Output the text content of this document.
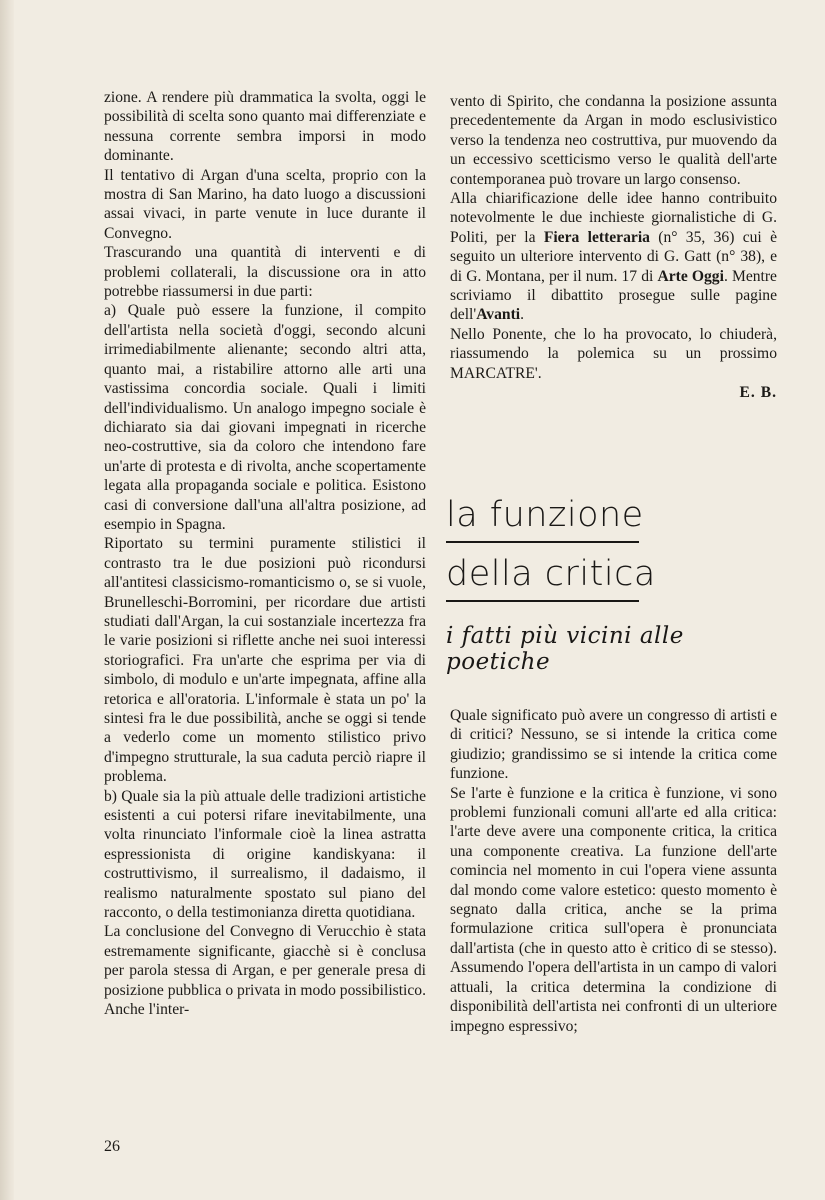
zione. A rendere più drammatica la svolta, oggi le possibilità di scelta sono quanto mai differenziate e nessuna corrente sembra imporsi in modo dominante.

Il tentativo di Argan d'una scelta, proprio con la mostra di San Marino, ha dato luogo a discussioni assai vivaci, in parte venute in luce durante il Convegno.

Trascurando una quantità di interventi e di problemi collaterali, la discussione ora in atto potrebbe riassumersi in due parti:

a) Quale può essere la funzione, il compito dell'artista nella società d'oggi, secondo alcuni irrimediabilmente alienante; secondo altri atta, quanto mai, a ristabilire attorno alle arti una vastissima concordia sociale. Quali i limiti dell'individualismo. Un analogo impegno sociale è dichiarato sia dai giovani impegnati in ricerche neo-costruttive, sia da coloro che intendono fare un'arte di protesta e di rivolta, anche scopertamente legata alla propaganda sociale e politica. Esistono casi di conversione dall'una all'altra posizione, ad esempio in Spagna.

Riportato su termini puramente stilistici il contrasto tra le due posizioni può ricondursi all'antitesi classicismo-romanticismo o, se si vuole, Brunelleschi-Borromini, per ricordare due artisti studiati dall'Argan, la cui sostanziale incertezza fra le varie posizioni si riflette anche nei suoi interessi storiografici. Fra un'arte che esprima per via di simbolo, di modulo e un'arte impegnata, affine alla retorica e all'oratoria. L'informale è stata un po' la sintesi fra le due possibilità, anche se oggi si tende a vederlo come un momento stilistico privo d'impegno strutturale, la sua caduta perciò riapre il problema.

b) Quale sia la più attuale delle tradizioni artistiche esistenti a cui potersi rifare inevitabilmente, una volta rinunciato l'informale cioè la linea astratta espressionista di origine kandiskyana: il costruttivismo, il surrealismo, il dadaismo, il realismo naturalmente spostato sul piano del racconto, o della testimonianza diretta quotidiana.

La conclusione del Convegno di Verucchio è stata estremamente significante, giacchè si è conclusa per parola stessa di Argan, e per generale presa di posizione pubblica o privata in modo possibilistico. Anche l'inter-

vento di Spirito, che condanna la posizione assunta precedentemente da Argan in modo esclusivistico verso la tendenza neo costruttiva, pur muovendo da un eccessivo scetticismo verso le qualità dell'arte contemporanea può trovare un largo consenso.

Alla chiarificazione delle idee hanno contribuito notevolmente le due inchieste giornalistiche di G. Politi, per la Fiera letteraria (n° 35, 36) cui è seguito un ulteriore intervento di G. Gatt (n° 38), e di G. Montana, per il num. 17 di Arte Oggi. Mentre scriviamo il dibattito prosegue sulle pagine dell'Avanti.

Nello Ponente, che lo ha provocato, lo chiuderà, riassumendo la polemica su un prossimo MARCATRE'.

E. B.

la funzione
della critica
i fatti più vicini alle poetiche

Quale significato può avere un congresso di artisti e di critici? Nessuno, se si intende la critica come giudizio; grandissimo se si intende la critica come funzione.

Se l'arte è funzione e la critica è funzione, vi sono problemi funzionali comuni all'arte ed alla critica: l'arte deve avere una componente critica, la critica una componente creativa. La funzione dell'arte comincia nel momento in cui l'opera viene assunta dal mondo come valore estetico: questo momento è segnato dalla critica, anche se la prima formulazione critica sull'opera è pronunciata dall'artista (che in questo atto è critico di se stesso). Assumendo l'opera dell'artista in un campo di valori attuali, la critica determina la condizione di disponibilità dell'artista nei confronti di un ulteriore impegno espressivo;

26
